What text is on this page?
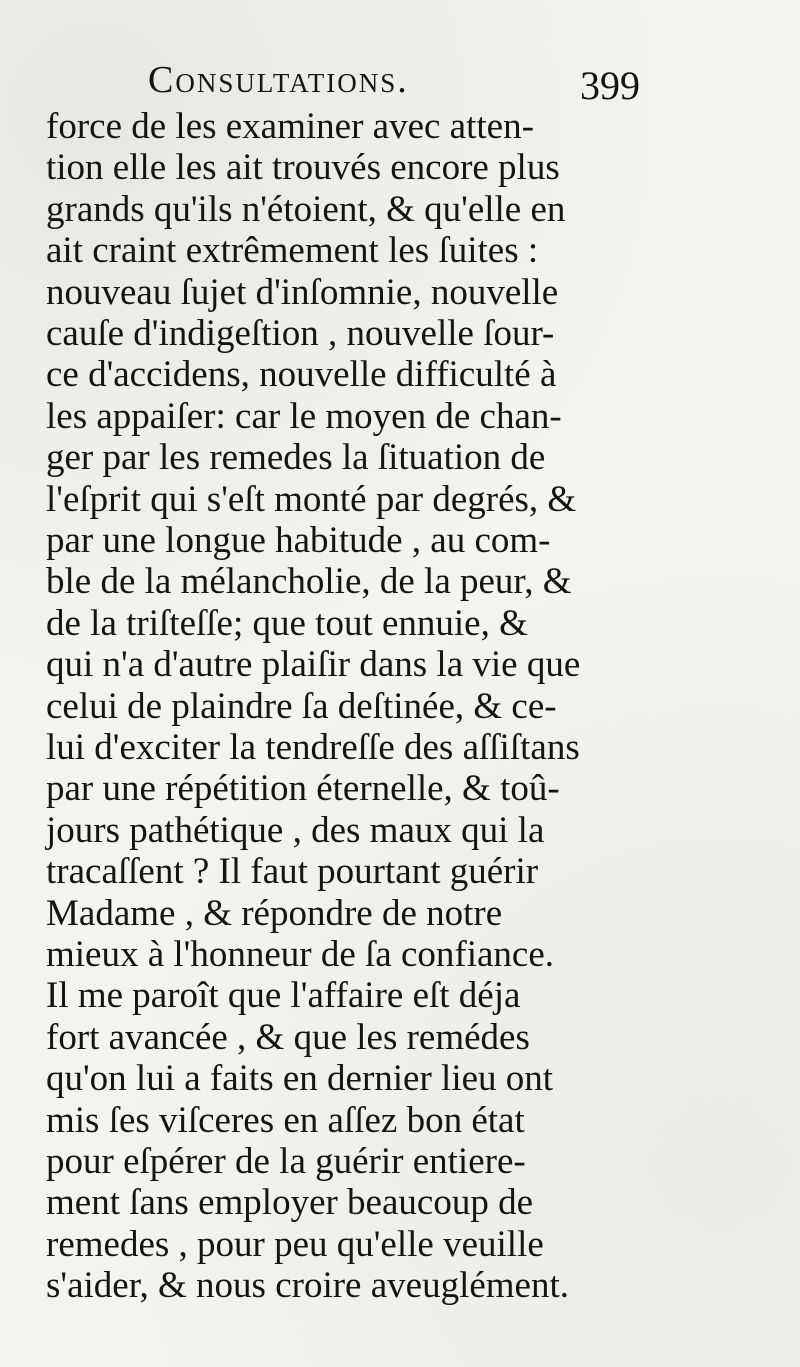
Consultations.	399
force de les examiner avec atten-
tion elle les ait trouvés encore plus
grands qu'ils n'étoient, & qu'elle en
ait craint extrêmement les ſuites :
nouveau ſujet d'inſomnie, nouvelle
cauſe d'indigeſtion , nouvelle ſour-
ce d'accidens, nouvelle difficulté à
les appaiſer: car le moyen de chan-
ger par les remedes la ſituation de
l'eſprit qui s'eſt monté par degrés, &
par une longue habitude , au com-
ble de la mélancholie, de la peur, &
de la triſteſſe; que tout ennuie, &
qui n'a d'autre plaiſir dans la vie que
celui de plaindre ſa deſtinée, & ce-
lui d'exciter la tendreſſe des aſſiſtans
par une répétition éternelle, & toû-
jours pathétique , des maux qui la
tracaſſent ? Il faut pourtant guérir
Madame , & répondre de notre
mieux à l'honneur de ſa confiance.
Il me paroît que l'affaire eſt déja
fort avancée , & que les remédes
qu'on lui a faits en dernier lieu ont
mis ſes viſceres en aſſez bon état
pour eſpérer de la guérir entiere-
ment ſans employer beaucoup de
remedes , pour peu qu'elle veuille
s'aider, & nous croire aveuglément.
